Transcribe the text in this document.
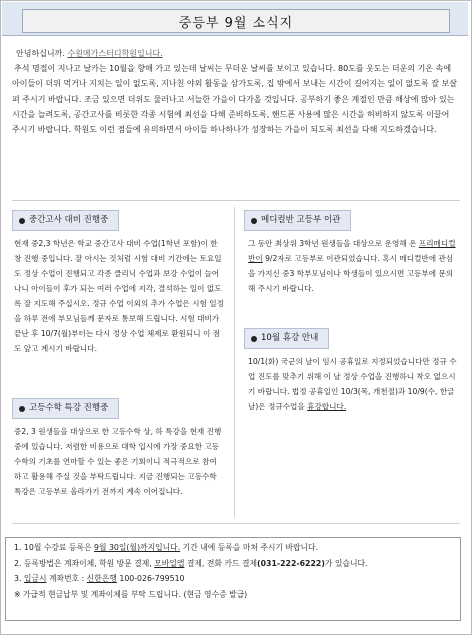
중등부 9월 소식지

안녕하십니까. 수원메가스터디학원입니다.

추석 명절이 지나고 날카는 10월을 향해 가고 있는데 날씨는 무더운 날씨를 보이고 있습니다. 80도를 웃도는 더운의 기온 속에 아이들이 더위 먹거나 지치는 일이 없도록, 지나친 야외 활동을 삼가도록, 집 밖에서 보내는 시간이 길어지는 일이 없도록 잘 보살펴 주시기 바랍니다. 조금 있으면 더위도 물러나고 서늘한 가을이 다가올 것입니다. 공부하기 좋은 계절인 만큼 해상에 많아 있는 시간을 늘려도록, 공간고사를 비롯한 각종 시험에 최선을 다해 준비하도록, 핸드폰 사용에 많은 시간을 허비하지 않도록 이끌어 주시기 바랍니다. 학원도 이런 점들에 유의하면서 아이들 하나하나가 성장하는 가을이 되도록 최선을 다해 지도하겠습니다.

중간고사 대비 진행중

현재 중2,3 학년은 학교 중간고사 대비 수업(1학년 포함)이 한창 진행 중입니다. 잘 아시는 것처럼 시험 대비 기간에는 토요일도 정상 수업이 진행되고 각종 클리닉 수업과 보강 수업이 늘어나니 아이들이 후가 되는 여러 수업에 지각, 결석하는 일이 없도록 잘 지도해 주십시오. 정규 수업 이외의 추가 수업은 시험 일정을 하루 전에 부모님들께 문자로 통보해 드립니다. 시험 대비가 끝난 후 10/7(월)부터는 다시 정상 수업 체제로 환원되니 이 점도 앞고 계시기 바랍니다.

고등수학 특강 진행중

중2, 3 원생들을 대상으로 한 고등수학 상, 하 특강을 현재 진행 중에 있습니다. 저렴한 비용으로 대학 입시에 가장 중요한 고등수학의 기초를 연마할 수 있는 좋은 기회이니 적극적으로 참여하고 활용해 주실 것을 부탁드립니다. 지금 진행되는 고등수학 특강은 고등부로 올라가기 전까지 계속 이어집니다.

메디컬반 고등부 이관

그 동안 최상위 3학년 원생들을 대상으로 운영해 온 프리메디컬반이 9/2자로 고등부로 이관되었습니다. 혹시 메디컬반에 관심을 가지신 중3 학부모님이나 학생들이 있으시면 고등부에 문의해 주시기 바랍니다.

10월 휴강 안내

10/1(화) 국군의 날이 임시 공휴일로 지정되었습니다만 정규 수업 진도를 맞추기 위해 이 날 정상 수업을 진행하니 착오 없으시기 바랍니다. 법정 공휴일인 10/3(목, 개천절)과 10/9(수, 한글날)은 정규수업을 휴강합니다.

1. 10월 수강료 등록은 9월 30일(월)까지입니다. 기간 내에 등록을 마쳐 주시기 바랍니다.

2. 등록방법은 계좌이체, 학원 방문 결제, 모바일앱 결제, 전화 카드 결제(031-222-6222)가 있습니다.

3. 입금시 계좌번호 : 신한은행 100-026-799510

※ 가급적 현금납부 및 계좌이체를 부탁 드립니다. (현금 영수증 발급)
